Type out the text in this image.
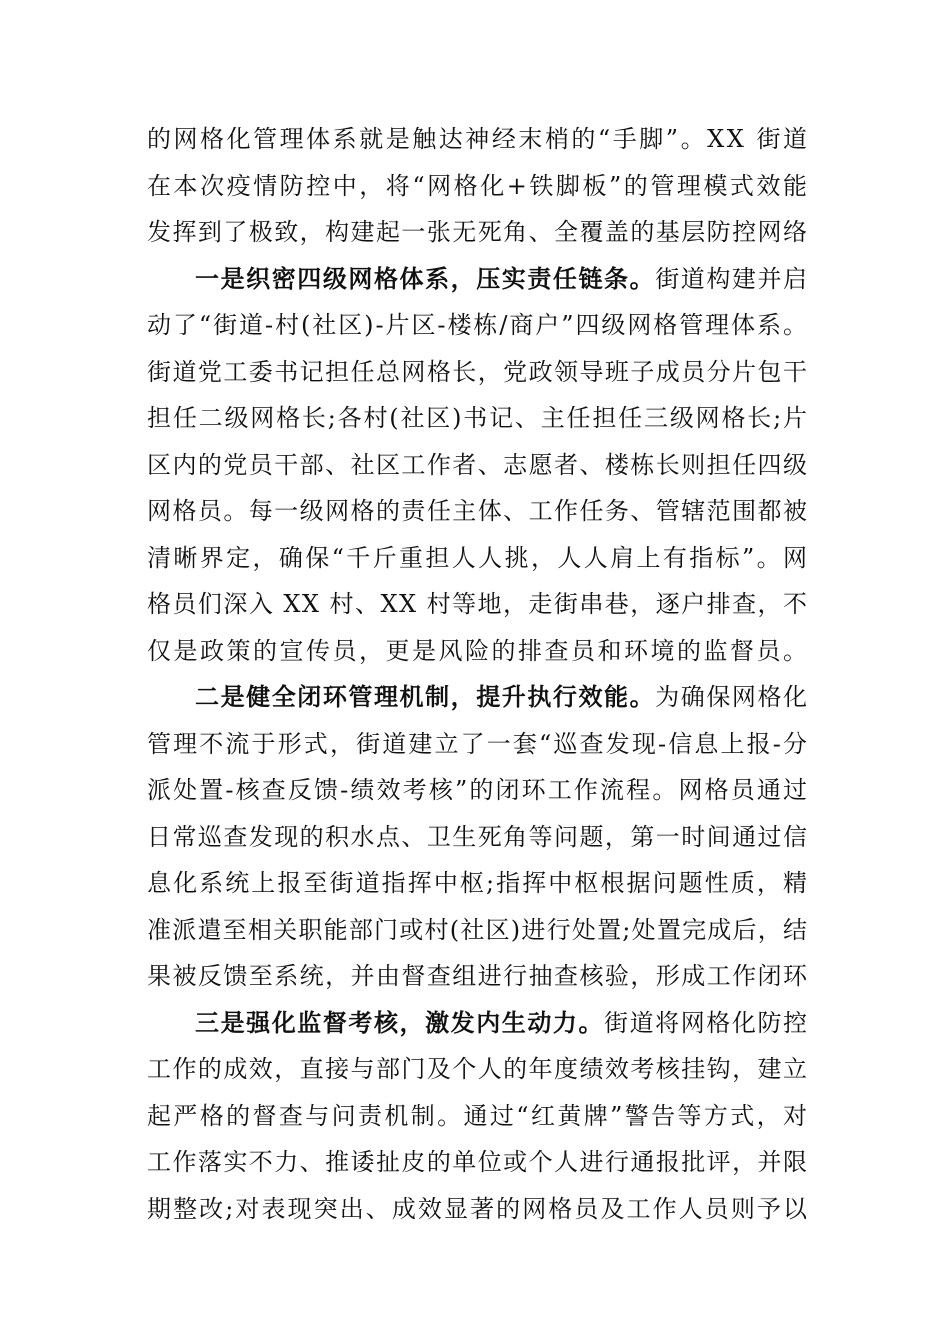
的网格化管理体系就是触达神经末梢的“手脚”。XX 街道
在本次疫情防控中，将“网格化+铁脚板”的管理模式效能
发挥到了极致，构建起一张无死角、全覆盖的基层防控网络
一是织密四级网格体系，压实责任链条。街道构建并启
动了“街道-村(社区)-片区-楼栋/商户”四级网格管理体系。
街道党工委书记担任总网格长，党政领导班子成员分片包干
担任二级网格长;各村(社区)书记、主任担任三级网格长;片
区内的党员干部、社区工作者、志愿者、楼栋长则担任四级
网格员。每一级网格的责任主体、工作任务、管辖范围都被
清晰界定，确保“千斤重担人人挑，人人肩上有指标”。网
格员们深入 XX 村、XX 村等地，走街串巷，逐户排查，不
仅是政策的宣传员，更是风险的排查员和环境的监督员。
二是健全闭环管理机制，提升执行效能。为确保网格化
管理不流于形式，街道建立了一套“巡查发现-信息上报-分
派处置-核查反馈-绩效考核”的闭环工作流程。网格员通过
日常巡查发现的积水点、卫生死角等问题，第一时间通过信
息化系统上报至街道指挥中枢;指挥中枢根据问题性质，精
准派遣至相关职能部门或村(社区)进行处置;处置完成后，结
果被反馈至系统，并由督查组进行抽查核验，形成工作闭环
三是强化监督考核，激发内生动力。街道将网格化防控
工作的成效，直接与部门及个人的年度绩效考核挂钩，建立
起严格的督查与问责机制。通过“红黄牌”警告等方式，对
工作落实不力、推诿扯皮的单位或个人进行通报批评，并限
期整改;对表现突出、成效显著的网格员及工作人员则予以
